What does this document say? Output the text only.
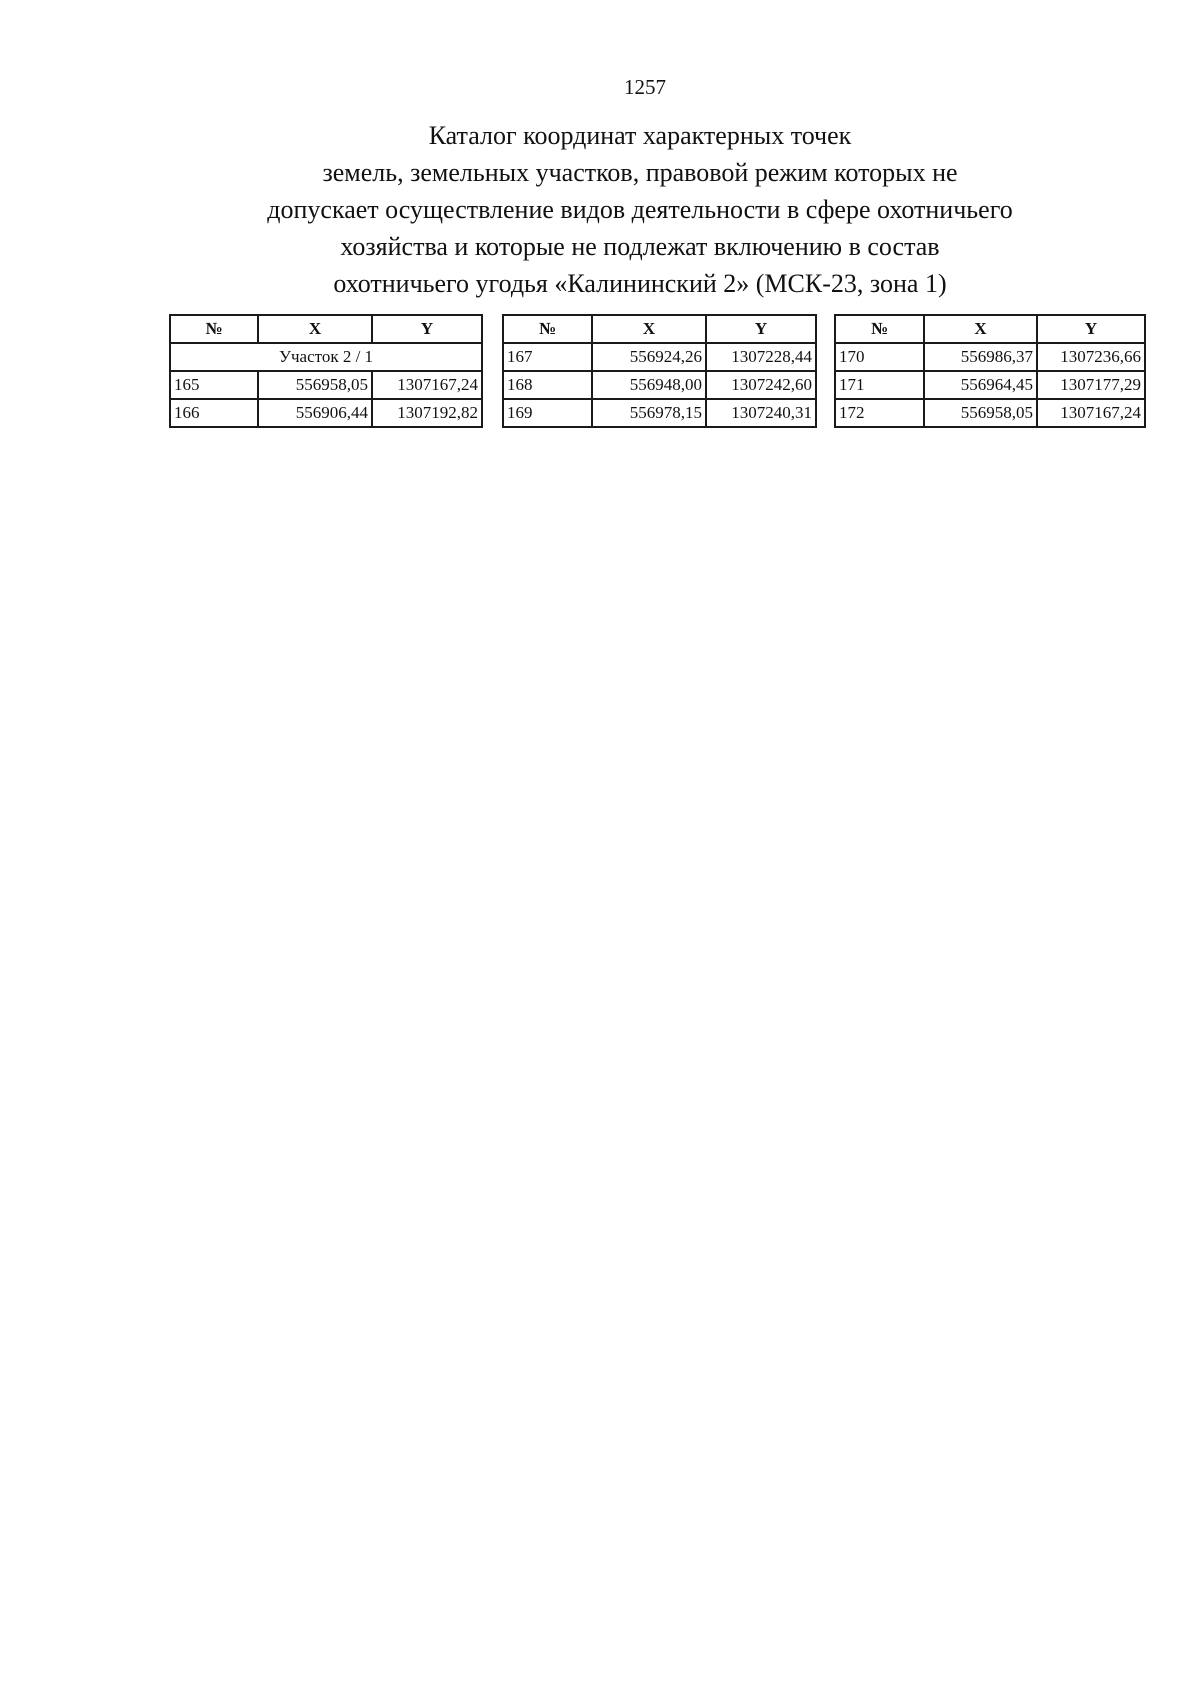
1257
Каталог координат характерных точек
земель, земельных участков, правовой режим которых не
допускает осуществление видов деятельности в сфере охотничьего
хозяйства и которые не подлежат включению в состав
охотничьего угодья «Калининский 2» (МСК-23, зона 1)
№	X	Y
Участок 2 / 1		
165	556958,05	1307167,24
166	556906,44	1307192,82
№	X	Y
167	556924,26	1307228,44
168	556948,00	1307242,60
169	556978,15	1307240,31
№	X	Y
170	556986,37	1307236,66
171	556964,45	1307177,29
172	556958,05	1307167,24
